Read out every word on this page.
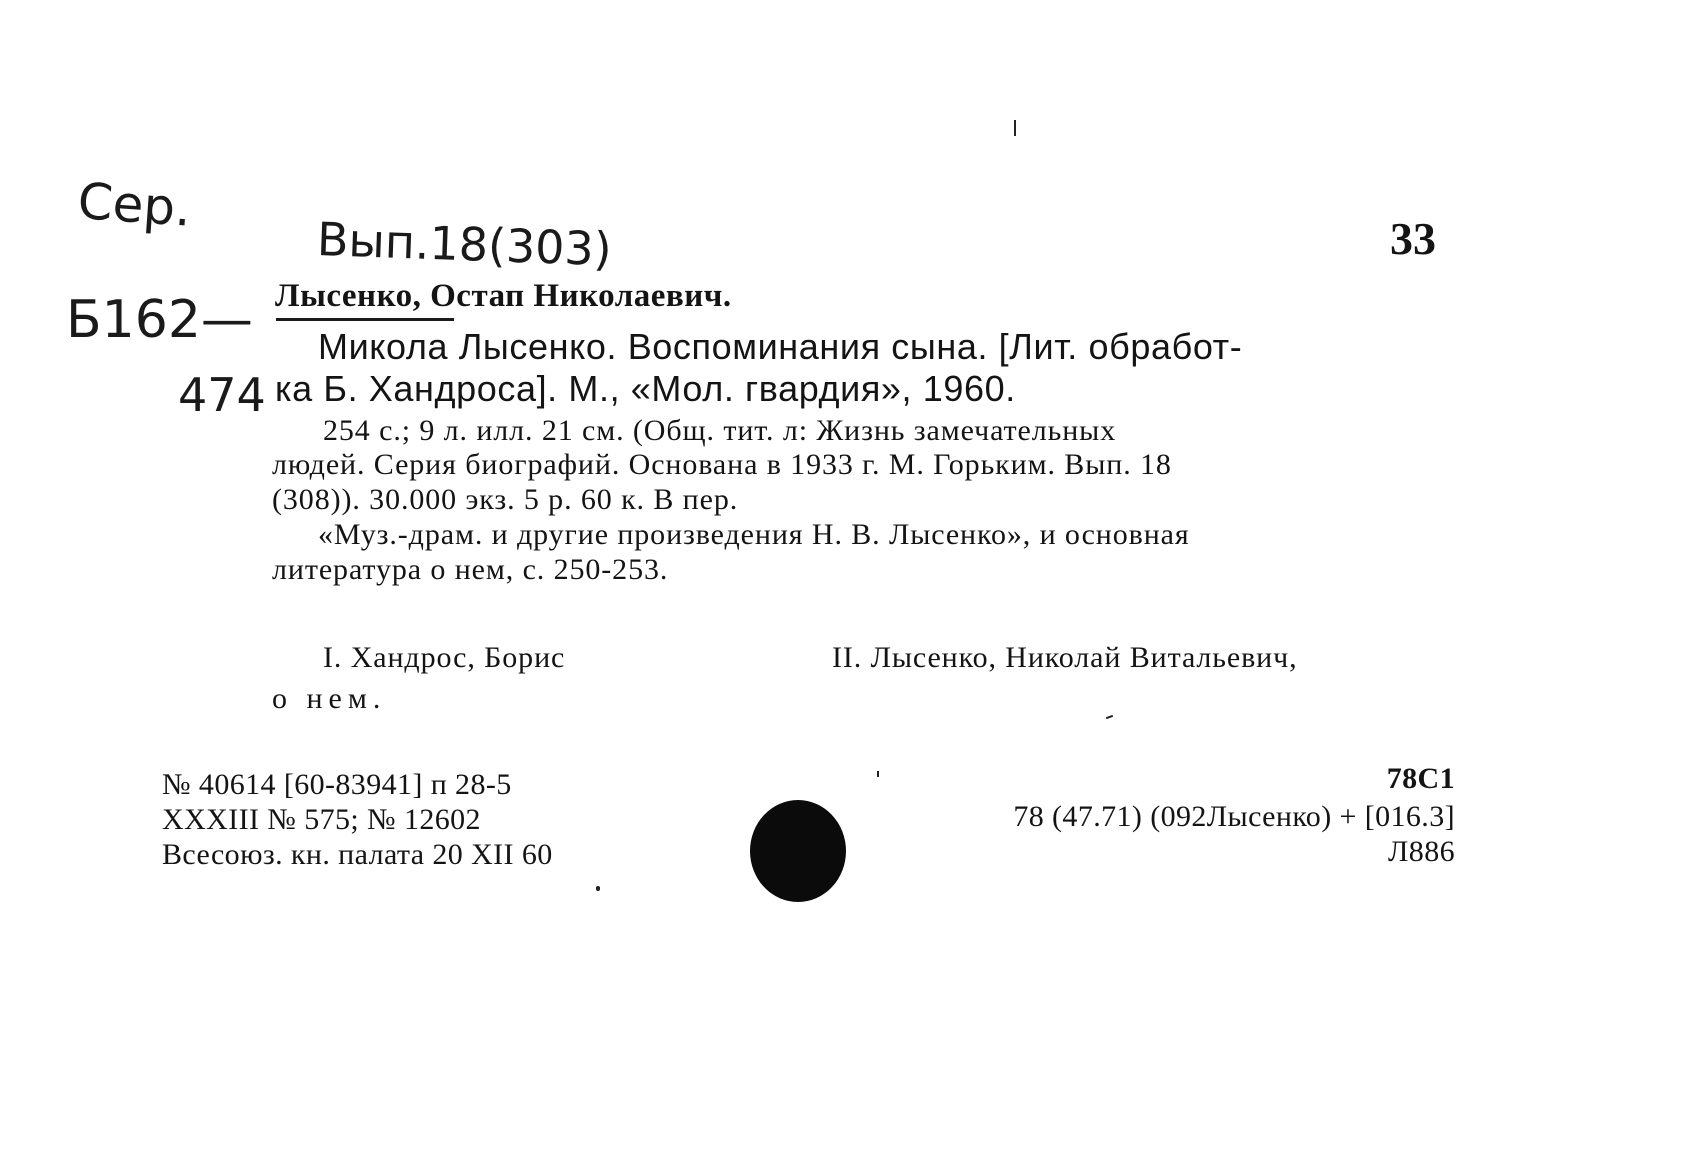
Сер.
Вып.18(303)
Б162—
474
33
Лысенко, Остап Николаевич.
Микола Лысенко. Воспоминания сына. [Лит. обработ-
ка Б. Хандроса]. М., «Мол. гвардия», 1960.
254 с.; 9 л. илл. 21 см. (Общ. тит. л: Жизнь замечательных
людей. Серия биографий. Основана в 1933 г. М. Горьким. Вып. 18
(308)). 30.000 экз. 5 р. 60 к. В пер.
«Муз.-драм. и другие произведения Н. В. Лысенко», и основная
литература о нем, с. 250-253.
I. Хандрос, Борис	II. Лысенко, Николай Витальевич,
о нем.
№ 40614 [60-83941] п 28-5
XXXIII № 575; № 12602
Всесоюз. кн. палата 20 XII 60
78С1
78 (47.71) (092Лысенко) + [016.3]
Л886
